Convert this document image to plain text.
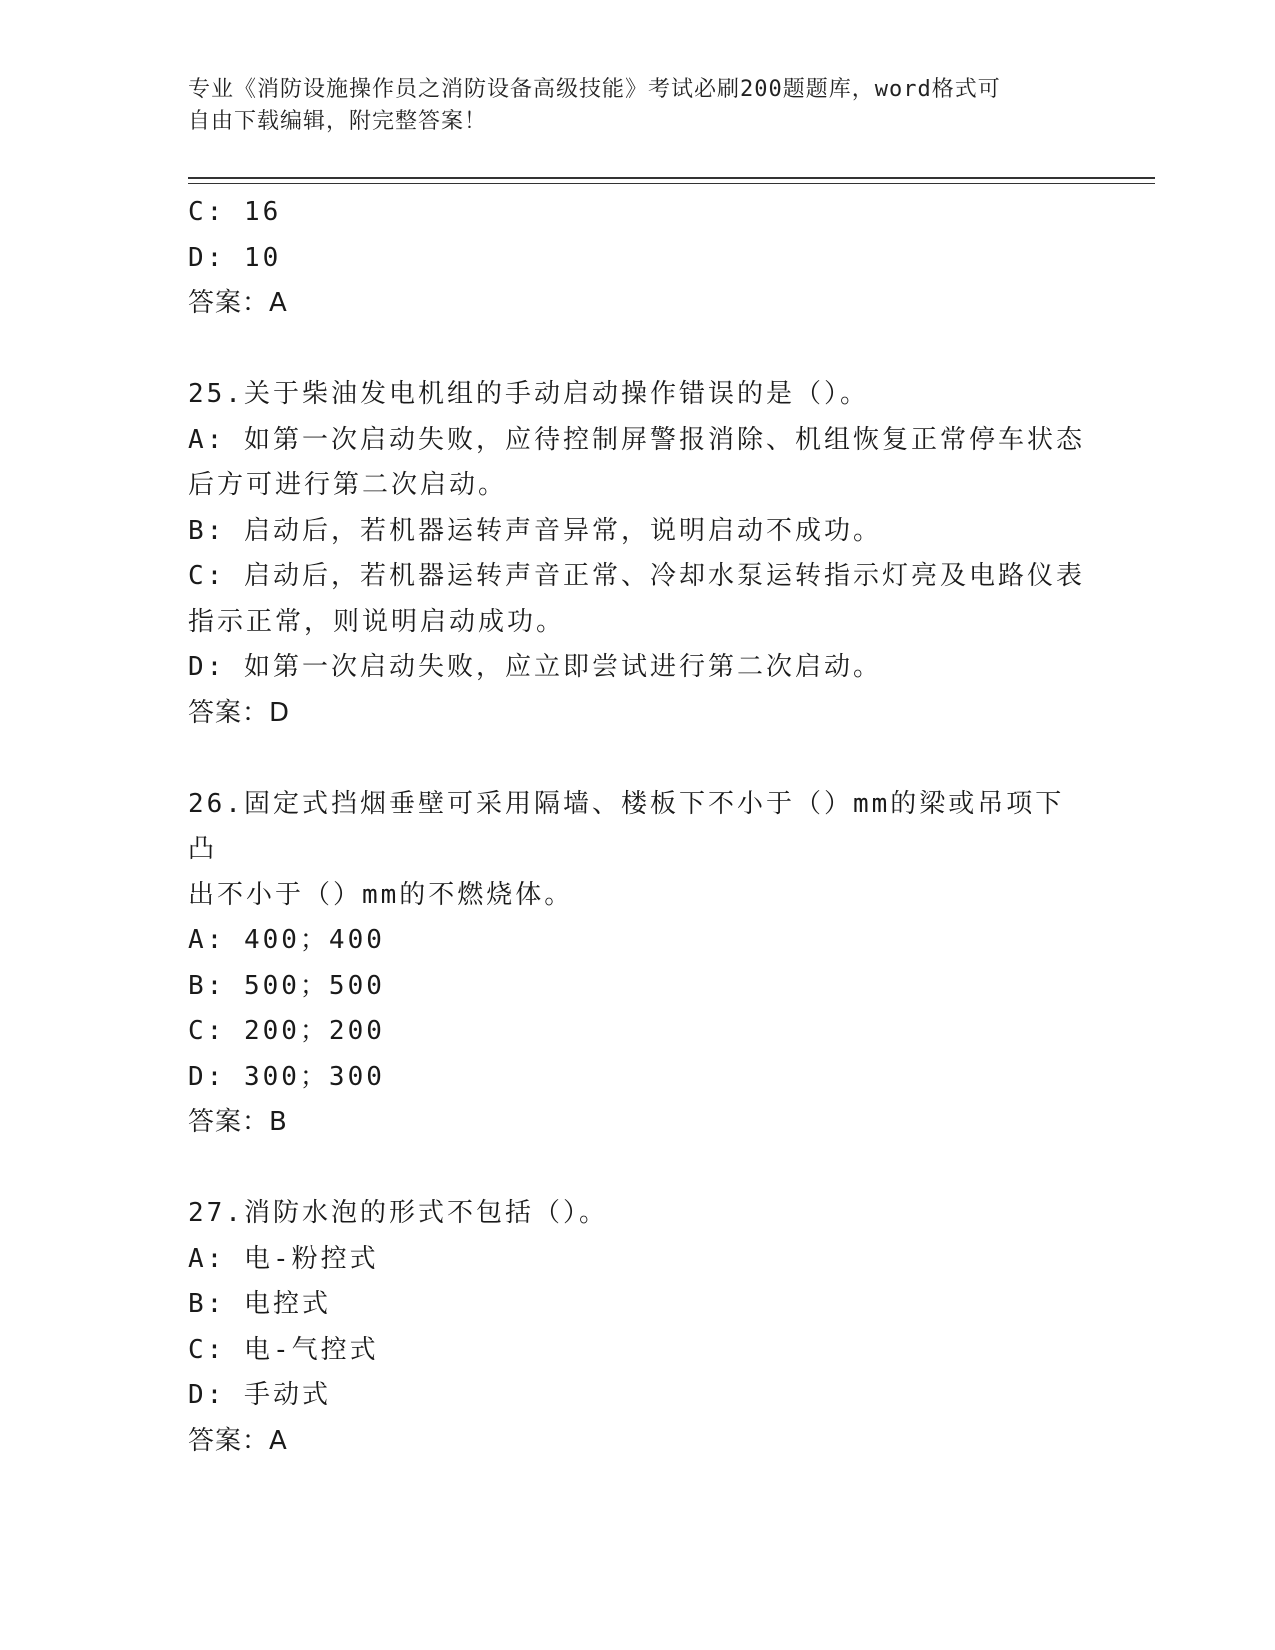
专业《消防设施操作员之消防设备高级技能》考试必刷200题题库，word格式可
自由下载编辑，附完整答案！
C: 16
D: 10
答案：A
25.关于柴油发电机组的手动启动操作错误的是（）。
A: 如第一次启动失败，应待控制屏警报消除、机组恢复正常停车状态
后方可进行第二次启动。
B: 启动后，若机器运转声音异常，说明启动不成功。
C: 启动后，若机器运转声音正常、冷却水泵运转指示灯亮及电路仪表
指示正常，则说明启动成功。
D: 如第一次启动失败，应立即尝试进行第二次启动。
答案：D
26.固定式挡烟垂壁可采用隔墙、楼板下不小于（）mm的梁或吊项下凸
出不小于（）mm的不燃烧体。
A: 400；400
B: 500；500
C: 200；200
D: 300；300
答案：B
27.消防水泡的形式不包括（）。
A: 电-粉控式
B: 电控式
C: 电-气控式
D: 手动式
答案：A
